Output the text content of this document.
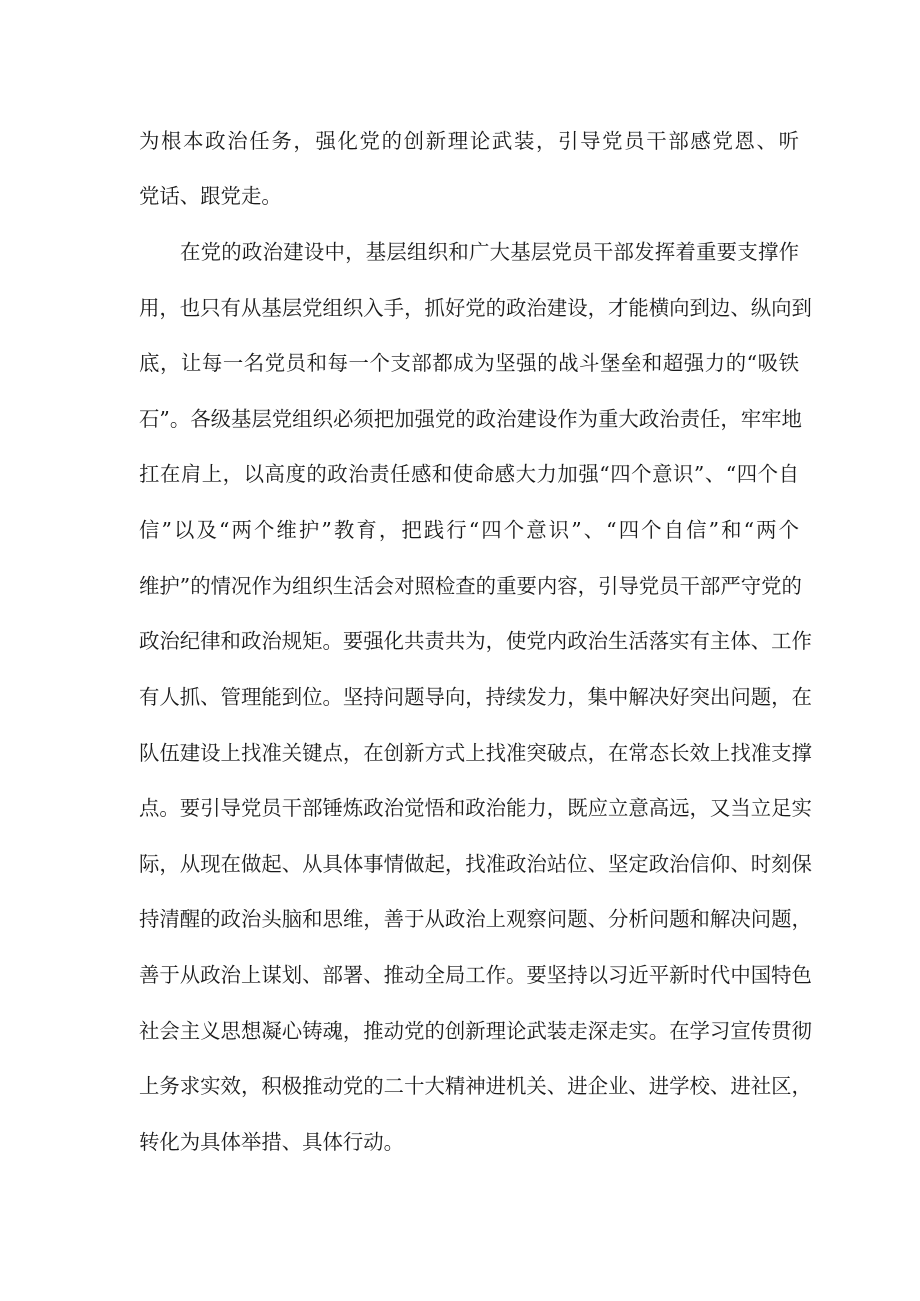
为根本政治任务，强化党的创新理论武装，引导党员干部感党恩、听
党话、跟党走。
在党的政治建设中，基层组织和广大基层党员干部发挥着重要支撑作
用，也只有从基层党组织入手，抓好党的政治建设，才能横向到边、纵向到
底，让每一名党员和每一个支部都成为坚强的战斗堡垒和超强力的“吸铁
石”。各级基层党组织必须把加强党的政治建设作为重大政治责任，牢牢地
扛在肩上，以高度的政治责任感和使命感大力加强“四个意识”、“四个自
信”以及“两个维护”教育，把践行“四个意识”、“四个自信”和“两个
维护”的情况作为组织生活会对照检查的重要内容，引导党员干部严守党的
政治纪律和政治规矩。要强化共责共为，使党内政治生活落实有主体、工作
有人抓、管理能到位。坚持问题导向，持续发力，集中解决好突出问题，在
队伍建设上找准关键点，在创新方式上找准突破点，在常态长效上找准支撑
点。要引导党员干部锤炼政治觉悟和政治能力，既应立意高远，又当立足实
际，从现在做起、从具体事情做起，找准政治站位、坚定政治信仰、时刻保
持清醒的政治头脑和思维，善于从政治上观察问题、分析问题和解决问题，
善于从政治上谋划、部署、推动全局工作。要坚持以习近平新时代中国特色
社会主义思想凝心铸魂，推动党的创新理论武装走深走实。在学习宣传贯彻
上务求实效，积极推动党的二十大精神进机关、进企业、进学校、进社区，
转化为具体举措、具体行动。
